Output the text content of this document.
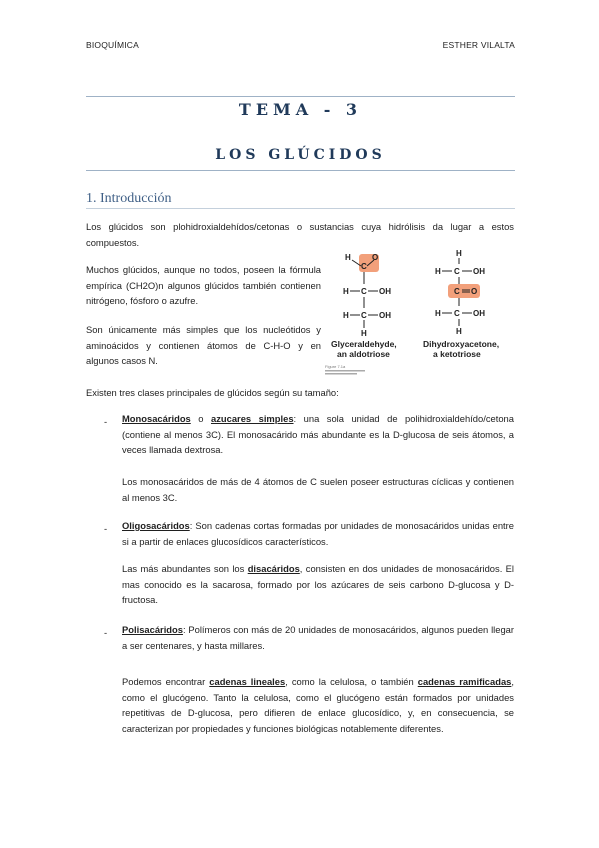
BIOQUÍMICA	ESTHER VILALTA
TEMA - 3
LOS GLÚCIDOS
1. Introducción
Los glúcidos son plohidroxialdehídos/cetonas o sustancias cuya hidrólisis da lugar a estos compuestos.
Muchos glúcidos, aunque no todos, poseen la fórmula empírica (CH2O)n algunos glúcidos también contienen nitrógeno, fósforo o azufre.
Son únicamente más simples que los nucleótidos y aminoácidos y contienen átomos de C-H-O y en algunos casos N.
Existen tres clases principales de glúcidos según su tamaño:
H
C
O
H C OH
H C OH
H
H
H C OH
C O
H C OH
H
Glyceraldehyde,
an aldotriose
Dihydroxyacetone,
a ketotriose
Figure 7.1a
- Monosacáridos o azucares simples: una sola unidad de polihidroxialdehído/cetona (contiene al menos 3C). El monosacárido más abundante es la D-glucosa de seis átomos, a veces llamada dextrosa.
Los monosacáridos de más de 4 átomos de C suelen poseer estructuras cíclicas y contienen al menos 3C.
- Oligosacáridos: Son cadenas cortas formadas por unidades de monosacáridos unidas entre si a partir de enlaces glucosídicos característicos.
Las más abundantes son los disacáridos, consisten en dos unidades de monosacáridos. El mas conocido es la sacarosa, formado por los azúcares de seis carbono D-glucosa y D-fructosa.
- Polisacáridos: Polímeros con más de 20 unidades de monosacáridos, algunos pueden llegar a ser centenares, y hasta millares.
Podemos encontrar cadenas lineales, como la celulosa, o también cadenas ramificadas, como el glucógeno. Tanto la celulosa, como el glucógeno están formados por unidades repetitivas de D-glucosa, pero difieren de enlace glucosídico, y, en consecuencia, se caracterizan por propiedades y funciones biológicas notablemente diferentes.
